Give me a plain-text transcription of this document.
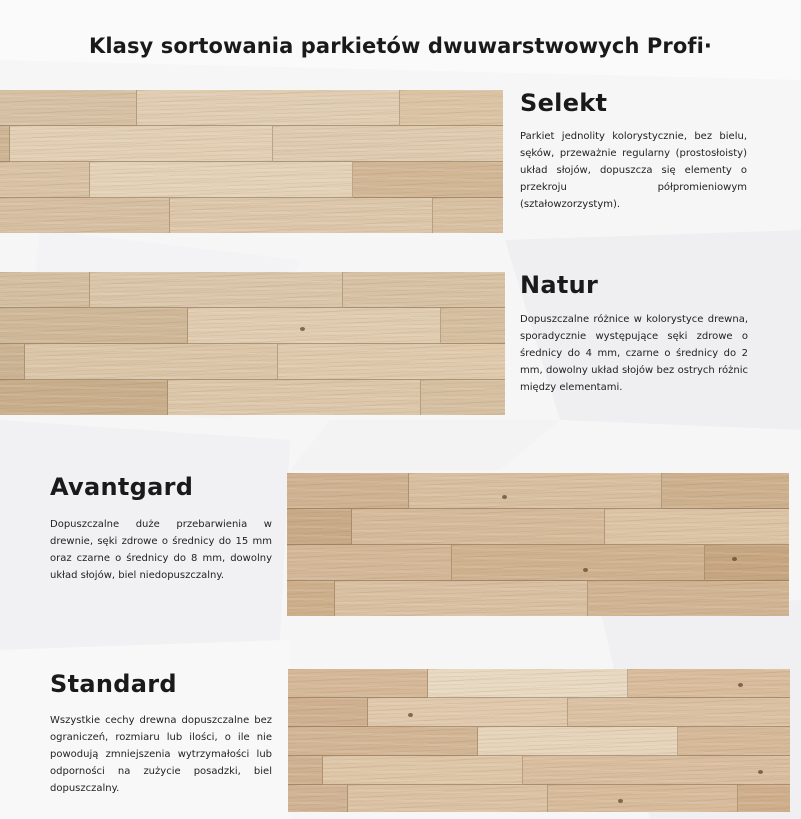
Klasy sortowania parkietów dwuwarstwowych Profi·
Selekt

Parkiet jednolity kolorystycznie, bez bielu, sęków, przeważnie regularny (prostosłoisty) układ słojów, dopuszcza się elementy o przekroju półpromieniowym (ształowzorzystym).

Natur

Dopuszczalne różnice w kolorystyce drewna, sporadycznie występujące sęki zdrowe o średnicy do 4 mm, czarne o średnicy do 2 mm, dowolny układ słojów bez ostrych różnic między elementami.

Avantgard

Dopuszczalne duże przebarwienia w drewnie, sęki zdrowe o średnicy do 15 mm oraz czarne o średnicy do 8 mm, dowolny układ słojów, biel niedopuszczalny.

Standard

Wszystkie cechy drewna dopuszczalne bez ograniczeń, rozmiaru lub ilości, o ile nie powodują zmniejszenia wytrzymałości lub odporności na zużycie posadzki, biel dopuszczalny.
